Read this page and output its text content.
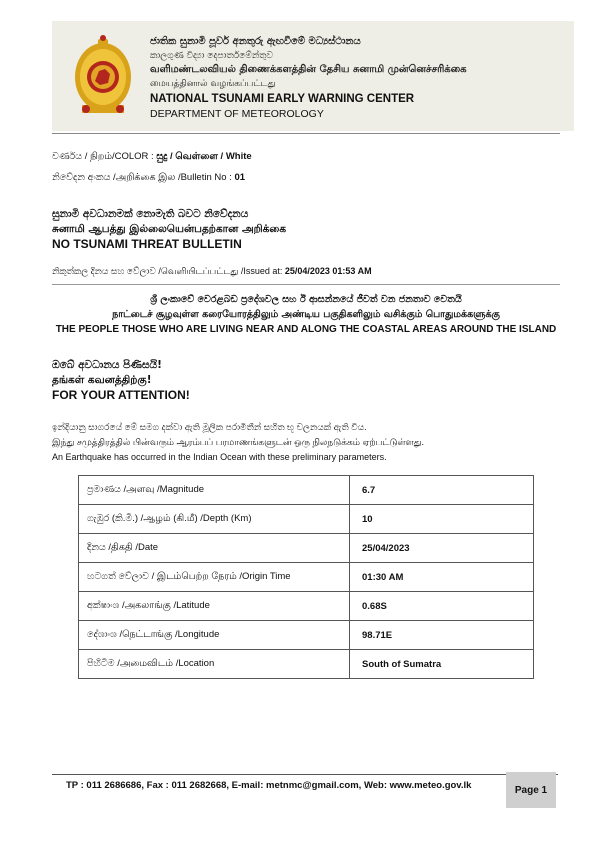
ජාතික සුනාමි පූර්ව අනතුරු ඇඟවීමේ මධ්‍යස්ථානය
කාලගුණ විද්‍යා දෙපාර්තමේන්තුව
வளிமண்டலவியல் திணைக்களத்தின் தேசிய சுனாமி முன்னெச்சரிக்கை
மையத்தினால் வழங்கப்பட்டது
NATIONAL TSUNAMI EARLY WARNING CENTER
DEPARTMENT OF METEOROLOGY
වර්ණය / நிறம்/COLOR : සුදු / வெள்ளை / White
නිවේදන අංකය /அறிக்கை இல /Bulletin No : 01
සුනාමි අවධානමක් නොමැති බවට නිවේදනය
சுனாமி ஆபத்து இல்லையென்பதற்கான அறிக்கை
NO TSUNAMI THREAT BULLETIN
නිකුත්කල දිනය සහ වේලාව /வெளியிடப்பட்டது /Issued at: 25/04/2023 01:53 AM
ශ්‍රී ලංකාවේ වෙරළබඩ ප්‍රදේශවල සහ ඊ ආසන්නයේ ජීවත් වන ජනතාව වෙතයි
நாட்டைச் சூழவுள்ள கரையோரத்திலும் அண்டிய பகுதிகளிலும் வசிக்கும் பொதுமக்களுக்கு
THE PEOPLE THOSE WHO ARE LIVING NEAR AND ALONG THE COASTAL AREAS AROUND THE ISLAND
ඔබේ අවධානය පිණිසයි!
தங்கள் கவனத்திற்கு!
FOR YOUR ATTENTION!
ඉන්දියානු සාගරයේ මේ සමග දක්වා ඇති මූලික පරාමිතීන් සහිත භූ චලනයක් ඇති විය.
இந்து சமுத்திரத்தில் பின்வரும் ஆரம்பப் பரமாணங்களுடன் ஒரு நிலநடுக்கம் ஏற்பட்டுள்ளது.
An Earthquake has occurred in the Indian Ocean with these preliminary parameters.
ප්‍රමාණය /அளவு /Magnitude	6.7
ගැඹුර (කි.මී.) /ஆழம் (கி.மீ) /Depth (Km)	10
දිනය /திகதி /Date	25/04/2023
හටගත් වේලාව / இடம்பெற்ற நேரம் /Origin Time	01:30 AM
අක්ෂාංශ /அகலாங்கு /Latitude	0.68S
දේශාංශ /நெட்டாங்கு /Longitude	98.71E
පිහිටීම /அமைவிடம் /Location	South of Sumatra
TP : 011 2686686, Fax : 011 2682668, E-mail: metnmc@gmail.com, Web: www.meteo.gov.lk	Page 1
